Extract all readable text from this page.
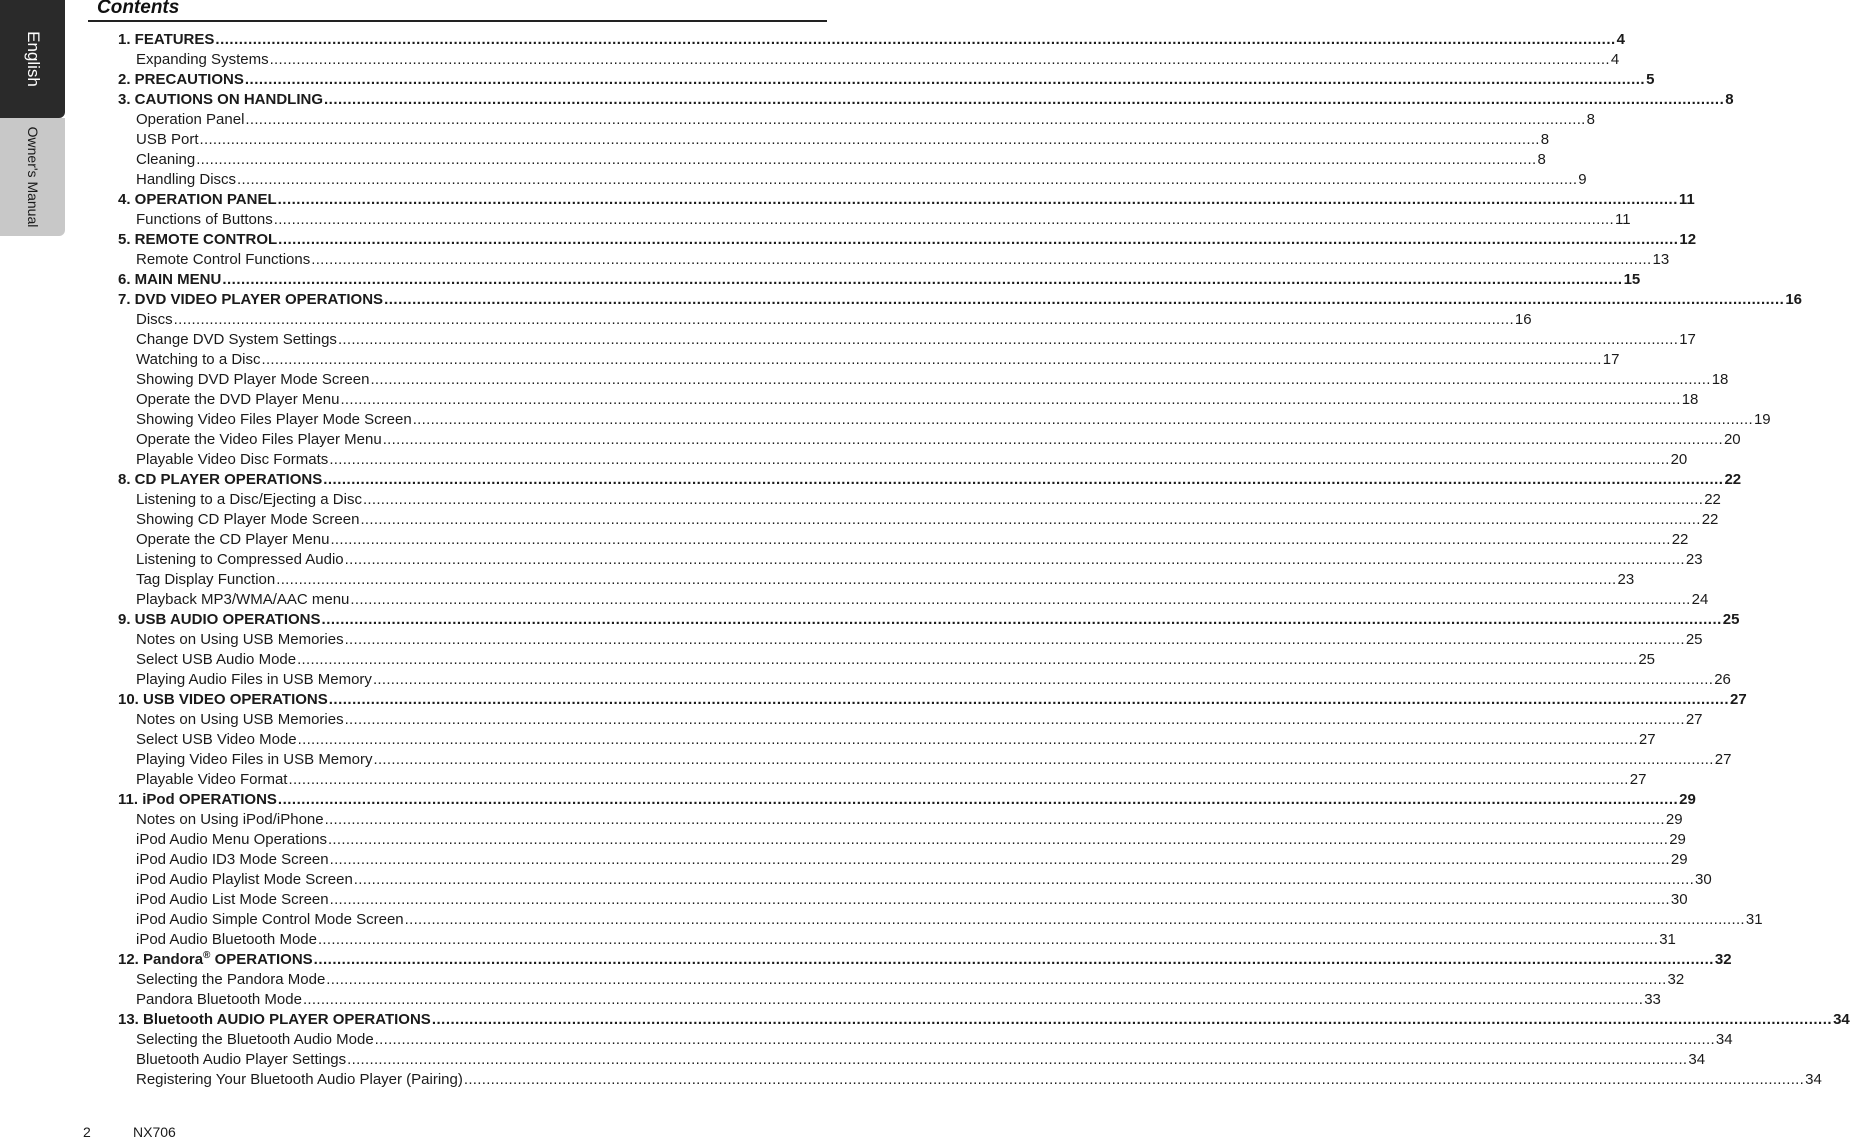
English
Owner's Manual
Contents
1. FEATURES ............................................................................................................................................................................................................................................................................................................ 4
Expanding Systems ............................................................................................................................................................................................................................................................................................................ 4
2. PRECAUTIONS ............................................................................................................................................................................................................................................................................................................ 5
3. CAUTIONS ON HANDLING ............................................................................................................................................................................................................................................................................................................ 8
Operation Panel ............................................................................................................................................................................................................................................................................................................ 8
USB Port ............................................................................................................................................................................................................................................................................................................ 8
Cleaning ............................................................................................................................................................................................................................................................................................................ 8
Handling Discs ............................................................................................................................................................................................................................................................................................................ 9
4. OPERATION PANEL ............................................................................................................................................................................................................................................................................................................ 11
Functions of Buttons ............................................................................................................................................................................................................................................................................................................ 11
5. REMOTE CONTROL ............................................................................................................................................................................................................................................................................................................ 12
Remote Control Functions ............................................................................................................................................................................................................................................................................................................ 13
6. MAIN MENU ............................................................................................................................................................................................................................................................................................................ 15
7. DVD VIDEO PLAYER OPERATIONS ............................................................................................................................................................................................................................................................................................................ 16
Discs ............................................................................................................................................................................................................................................................................................................ 16
Change DVD System Settings ............................................................................................................................................................................................................................................................................................................ 17
Watching to a Disc ............................................................................................................................................................................................................................................................................................................ 17
Showing DVD Player Mode Screen ............................................................................................................................................................................................................................................................................................................ 18
Operate the DVD Player Menu ............................................................................................................................................................................................................................................................................................................ 18
Showing Video Files Player Mode Screen ............................................................................................................................................................................................................................................................................................................ 19
Operate the Video Files Player Menu ............................................................................................................................................................................................................................................................................................................ 20
Playable Video Disc Formats ............................................................................................................................................................................................................................................................................................................ 20
8. CD PLAYER OPERATIONS ............................................................................................................................................................................................................................................................................................................ 22
Listening to a Disc/Ejecting a Disc ............................................................................................................................................................................................................................................................................................................ 22
Showing CD Player Mode Screen ............................................................................................................................................................................................................................................................................................................ 22
Operate the CD Player Menu ............................................................................................................................................................................................................................................................................................................ 22
Listening to Compressed Audio ............................................................................................................................................................................................................................................................................................................ 23
Tag Display Function ............................................................................................................................................................................................................................................................................................................ 23
Playback MP3/WMA/AAC menu ............................................................................................................................................................................................................................................................................................................ 24
9. USB AUDIO OPERATIONS ............................................................................................................................................................................................................................................................................................................ 25
Notes on Using USB Memories ............................................................................................................................................................................................................................................................................................................ 25
Select USB Audio Mode ............................................................................................................................................................................................................................................................................................................ 25
Playing Audio Files in USB Memory ............................................................................................................................................................................................................................................................................................................ 26
10. USB VIDEO OPERATIONS ............................................................................................................................................................................................................................................................................................................ 27
Notes on Using USB Memories ............................................................................................................................................................................................................................................................................................................ 27
Select USB Video Mode ............................................................................................................................................................................................................................................................................................................ 27
Playing Video Files in USB Memory ............................................................................................................................................................................................................................................................................................................ 27
Playable Video Format ............................................................................................................................................................................................................................................................................................................ 27
11. iPod OPERATIONS ............................................................................................................................................................................................................................................................................................................ 29
Notes on Using iPod/iPhone ............................................................................................................................................................................................................................................................................................................ 29
iPod Audio Menu Operations ............................................................................................................................................................................................................................................................................................................ 29
iPod Audio ID3 Mode Screen ............................................................................................................................................................................................................................................................................................................ 29
iPod Audio Playlist Mode Screen ............................................................................................................................................................................................................................................................................................................ 30
iPod Audio List Mode Screen ............................................................................................................................................................................................................................................................................................................ 30
iPod Audio Simple Control Mode Screen ............................................................................................................................................................................................................................................................................................................ 31
iPod Audio Bluetooth Mode ............................................................................................................................................................................................................................................................................................................ 31
12. Pandora® OPERATIONS ............................................................................................................................................................................................................................................................................................................ 32
Selecting the Pandora Mode ............................................................................................................................................................................................................................................................................................................ 32
Pandora Bluetooth Mode ............................................................................................................................................................................................................................................................................................................ 33
13. Bluetooth AUDIO PLAYER OPERATIONS ............................................................................................................................................................................................................................................................................................................ 34
Selecting the Bluetooth Audio Mode ............................................................................................................................................................................................................................................................................................................ 34
Bluetooth Audio Player Settings ............................................................................................................................................................................................................................................................................................................ 34
Registering Your Bluetooth Audio Player (Pairing) ............................................................................................................................................................................................................................................................................................................ 34
2	NX706
